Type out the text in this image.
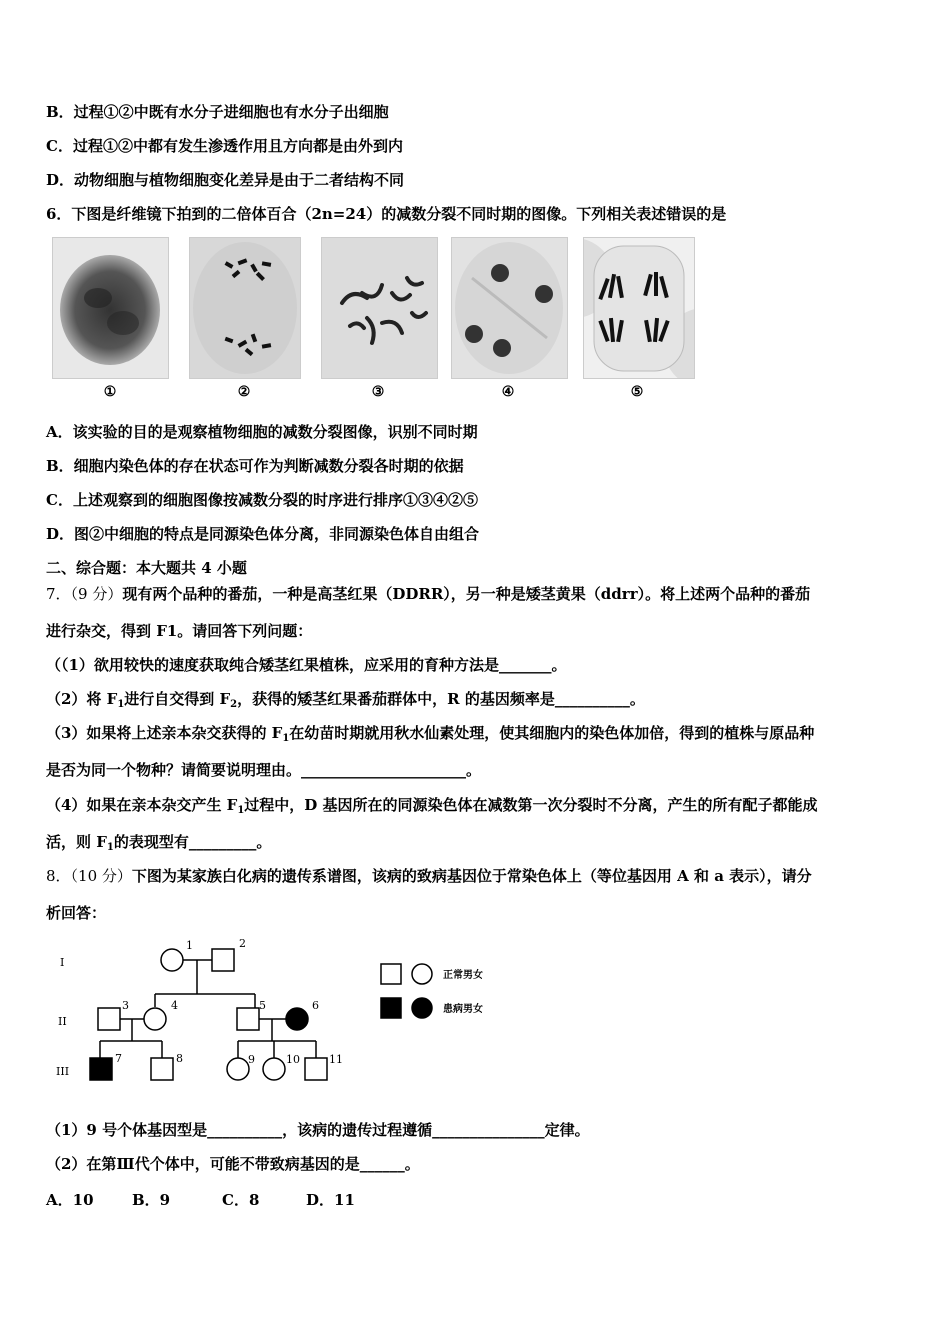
B．过程①②中既有水分子进细胞也有水分子出细胞
C．过程①②中都有发生渗透作用且方向都是由外到内
D．动物细胞与植物细胞变化差异是由于二者结构不同
6．下图是纤维镜下拍到的二倍体百合（2n=24）的减数分裂不同时期的图像。下列相关表述错误的是
①	②	③	④	⑤
A．该实验的目的是观察植物细胞的减数分裂图像，识别不同时期
B．细胞内染色体的存在状态可作为判断减数分裂各时期的依据
C．上述观察到的细胞图像按减数分裂的时序进行排序①③④②⑤
D．图②中细胞的特点是同源染色体分离，非同源染色体自由组合
二、综合题：本大题共 4 小题
7．（9 分）现有两个品种的番茄，一种是高茎红果（DDRR），另一种是矮茎黄果（ddrr）。将上述两个品种的番茄
进行杂交，得到 F1。请回答下列问题：
（（1）欲用较快的速度获取纯合矮茎红果植株，应采用的育种方法是_______。
（2）将 $F_1$进行自交得到 $F_2$，获得的矮茎红果番茄群体中，R 的基因频率是__________。
（3）如果将上述亲本杂交获得的 $F_1$在幼苗时期就用秋水仙素处理，使其细胞内的染色体加倍，得到的植株与原品种
是否为同一个物种？请简要说明理由。______________________。
（4）如果在亲本杂交产生 $F_1$过程中，D 基因所在的同源染色体在减数第一次分裂时不分离，产生的所有配子都能成
活，则 $F_1$的表现型有_________。
8．（10 分）下图为某家族白化病的遗传系谱图，该病的致病基因位于常染色体上（等位基因用 A 和 a 表示），请分
析回答：
I
II
III
1	2
3	4	5	6
7	8	9	10	11
正常男女
患病男女
（1）9 号个体基因型是__________，该病的遗传过程遵循_______________定律。
（2）在第Ⅲ代个体中，可能不带致病基因的是______。
A．10	B．9	C．8	D．11
